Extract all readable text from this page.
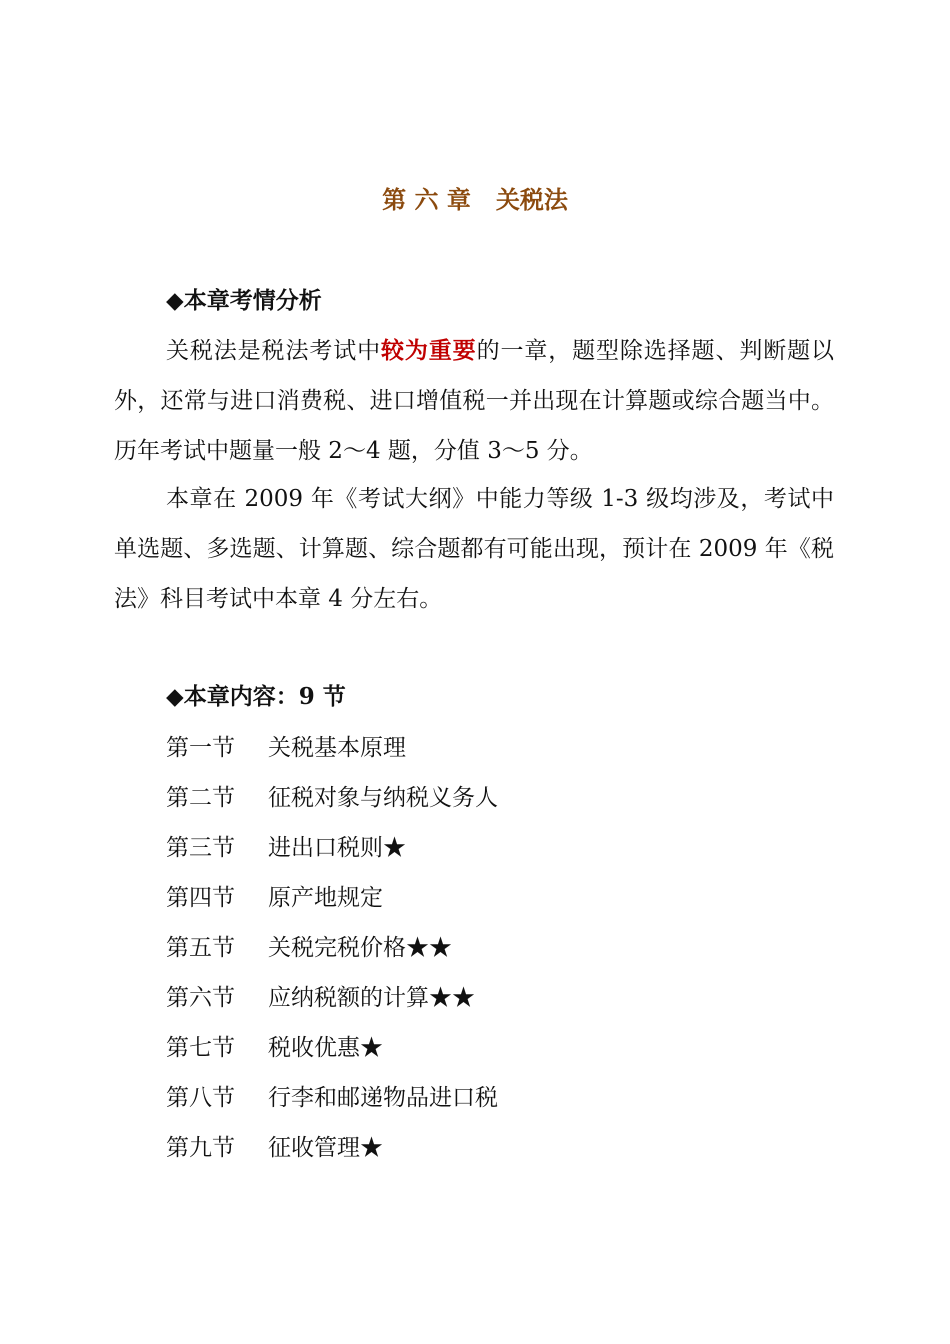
第 六 章   关税法
◆本章考情分析

关税法是税法考试中较为重要的一章，题型除选择题、判断题以外，还常与进口消费税、进口增值税一并出现在计算题或综合题当中。历年考试中题量一般 2～4 题，分值 3～5 分。

本章在 2009 年《考试大纲》中能力等级 1-3 级均涉及，考试中单选题、多选题、计算题、综合题都有可能出现，预计在 2009 年《税法》科目考试中本章 4 分左右。

◆本章内容：9 节
第一节 关税基本原理
第二节 征税对象与纳税义务人
第三节 进出口税则★
第四节 原产地规定
第五节 关税完税价格★★
第六节 应纳税额的计算★★
第七节 税收优惠★
第八节 行李和邮递物品进口税
第九节 征收管理★
